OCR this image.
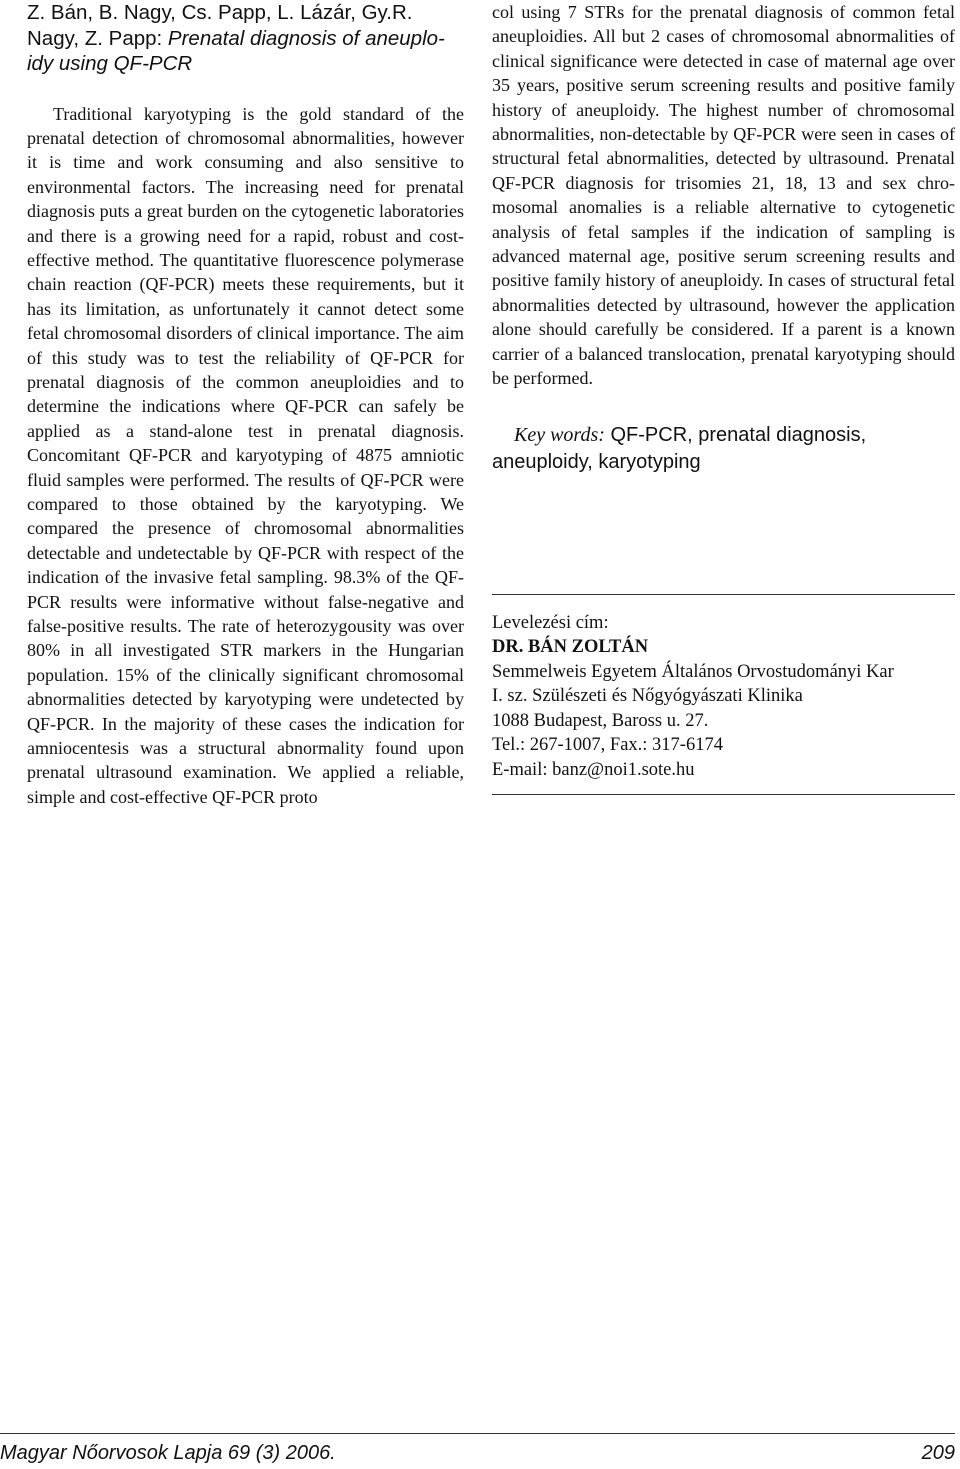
Z. Bán, B. Nagy, Cs. Papp, L. Lázár, Gy.R. Nagy, Z. Papp: Prenatal diagnosis of aneuploidy using QF-PCR

Traditional karyotyping is the gold standard of the prenatal detection of chromosomal abnormalities, however it is time and work consuming and also sensitive to environmental factors. The increasing need for prenatal diagnosis puts a great burden on the cytogenetic laboratories and there is a growing need for a rapid, robust and cost-effective method. The quantitative fluorescence polymerase chain reaction (QF-PCR) meets these requirements, but it has its limitation, as unfortunately it cannot detect some fetal chromosomal disorders of clinical importance. The aim of this study was to test the reliability of QF-PCR for prenatal diagnosis of the common aneuploidies and to determine the indications where QF-PCR can safely be applied as a stand-alone test in prenatal diagnosis. Concomitant QF-PCR and karyotyping of 4875 amniotic fluid samples were performed. The results of QF-PCR were compared to those obtained by the karyotyping. We compared the presence of chromosomal abnormalities detectable and undetectable by QF-PCR with respect of the indication of the invasive fetal sampling. 98.3% of the QF-PCR results were informative without false-negative and false-positive results. The rate of heterozygousity was over 80% in all investigated STR markers in the Hungarian population. 15% of the clinically significant chromosomal abnormalities detected by karyotyping were undetected by QF-PCR. In the majority of these cases the indication for amniocentesis was a structural abnormality found upon prenatal ultrasound examination. We applied a reliable, simple and cost-effective QF-PCR proto

col using 7 STRs for the prenatal diagnosis of common fetal aneuploidies. All but 2 cases of chromosomal abnormalities of clinical significance were detected in case of maternal age over 35 years, positive serum screening results and positive family history of aneuploidy. The highest number of chromosomal abnormalities, non-detectable by QF-PCR were seen in cases of structural fetal abnormalities, detected by ultrasound. Prenatal QF-PCR diagnosis for trisomies 21, 18, 13 and sex chromosomal anomalies is a reliable alternative to cytogenetic analysis of fetal samples if the indication of sampling is advanced maternal age, positive serum screening results and positive family history of aneuploidy. In cases of structural fetal abnormalities detected by ultrasound, however the application alone should carefully be considered. If a parent is a known carrier of a balanced translocation, prenatal karyotyping should be performed.

Key words: QF-PCR, prenatal diagnosis, aneuploidy, karyotyping

Levelezési cím:
DR. BÁN ZOLTÁN
Semmelweis Egyetem Általános Orvostudományi Kar
I. sz. Szülészeti és Nőgyógyászati Klinika
1088 Budapest, Baross u. 27.
Tel.: 267-1007, Fax.: 317-6174
E-mail: banz@noi1.sote.hu
Magyar Nőorvosok Lapja 69 (3) 2006.	209
